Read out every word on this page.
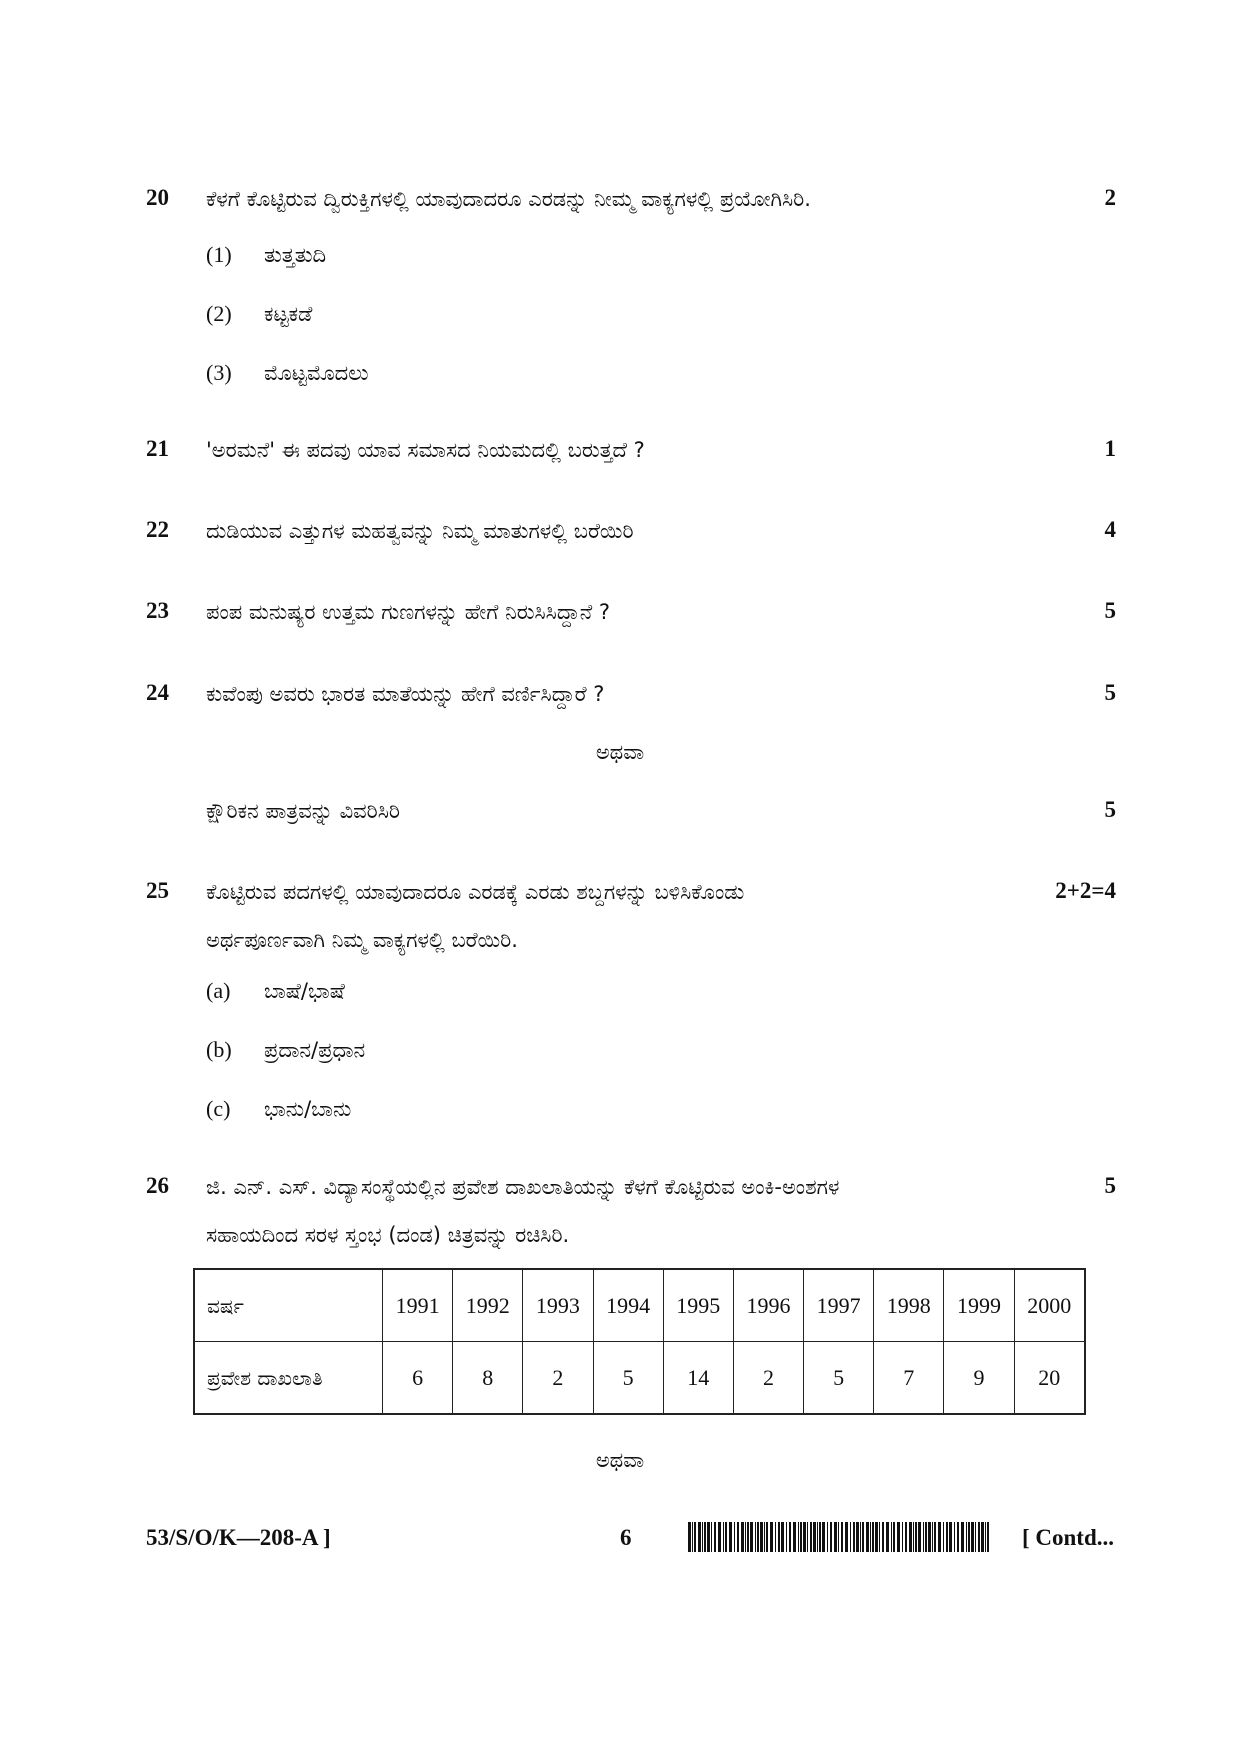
20 ಕೆಳಗೆ ಕೊಟ್ಟಿರುವ ದ್ವಿರುಕ್ತಿಗಳಲ್ಲಿ ಯಾವುದಾದರೂ ಎರಡನ್ನು ನೀಮ್ಮ ವಾಕ್ಯಗಳಲ್ಲಿ ಪ್ರಯೋಗಿಸಿರಿ.	2
(1) ತುತ್ತತುದಿ
(2) ಕಟ್ಟಕಡೆ
(3) ಮೊಟ್ಟಮೊದಲು
21 'ಅರಮನೆ' ಈ ಪದವು ಯಾವ ಸಮಾಸದ ನಿಯಮದಲ್ಲಿ ಬರುತ್ತದೆ ?	1
22 ದುಡಿಯುವ ಎತ್ತುಗಳ ಮಹತ್ವವನ್ನು ನಿಮ್ಮ ಮಾತುಗಳಲ್ಲಿ ಬರೆಯಿರಿ	4
23 ಪಂಪ ಮನುಷ್ಯರ ಉತ್ತಮ ಗುಣಗಳನ್ನು ಹೇಗೆ ನಿರುಸಿಸಿದ್ದಾನೆ ?	5
24 ಕುವೆಂಪು ಅವರು ಭಾರತ ಮಾತೆಯನ್ನು ಹೇಗೆ ವರ್ಣಿಸಿದ್ದಾರೆ ?	5
ಅಥವಾ
ಕ್ಷೌರಿಕನ ಪಾತ್ರವನ್ನು ವಿವರಿಸಿರಿ	5
25 ಕೊಟ್ಟಿರುವ ಪದಗಳಲ್ಲಿ ಯಾವುದಾದರೂ ಎರಡಕ್ಕೆ ಎರಡು ಶಬ್ದಗಳನ್ನು ಬಳಿಸಿಕೊಂಡು
ಅರ್ಥಪೂರ್ಣವಾಗಿ ನಿಮ್ಮ ವಾಕ್ಯಗಳಲ್ಲಿ ಬರೆಯಿರಿ.
2+2=4
(a) ಬಾಷೆ/ಭಾಷೆ
(b) ಪ್ರದಾನ/ಪ್ರಧಾನ
(c) ಭಾನು/ಬಾನು
26 ಜಿ. ಎನ್. ಎಸ್. ವಿದ್ಯಾಸಂಸ್ಥೆಯಲ್ಲಿನ ಪ್ರವೇಶ ದಾಖಲಾತಿಯನ್ನು ಕೆಳಗೆ ಕೊಟ್ಟಿರುವ ಅಂಕಿ-ಅಂಶಗಳ
ಸಹಾಯದಿಂದ ಸರಳ ಸ್ತಂಭ (ದಂಡ) ಚಿತ್ರವನ್ನು ರಚಿಸಿರಿ.
5
ವರ್ಷ	1991	1992	1993	1994	1995	1996	1997	1998	1999	2000
ಪ್ರವೇಶ ದಾಖಲಾತಿ	6	8	2	5	14	2	5	7	9	20
ಅಥವಾ
53/S/O/K—208-A ]	6	[ Contd...
